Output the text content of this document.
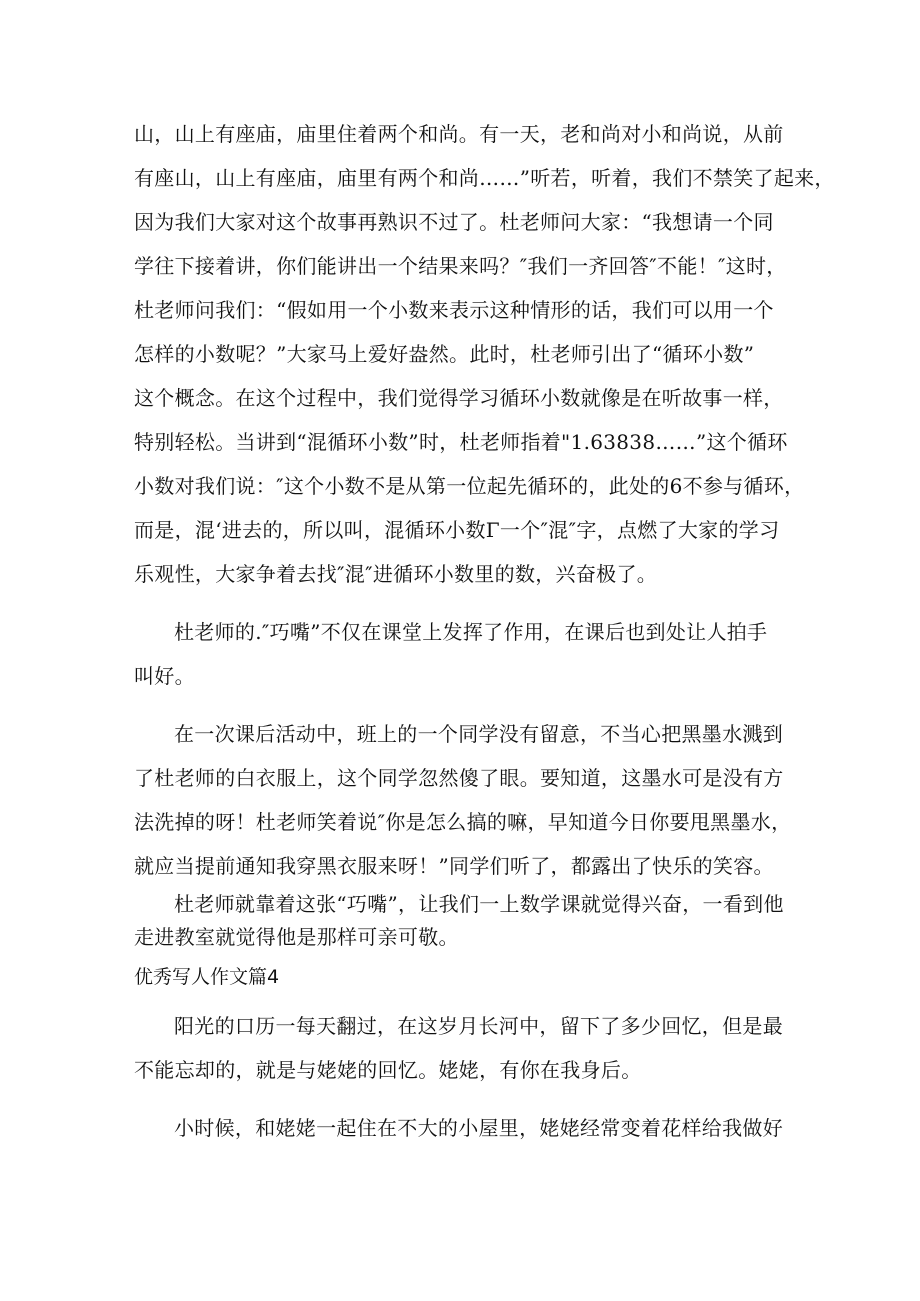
山，山上有座庙，庙里住着两个和尚。有一天，老和尚对小和尚说，从前
有座山，山上有座庙，庙里有两个和尚……”听若，听着，我们不禁笑了起来，
因为我们大家对这个故事再熟识不过了。杜老师问大家：“我想请一个同
学往下接着讲，你们能讲出一个结果来吗？″我们一齐回答″不能！″这时，
杜老师问我们：“假如用一个小数来表示这种情形的话，我们可以用一个
怎样的小数呢？”大家马上爱好盎然。此时，杜老师引出了“循环小数”
这个概念。在这个过程中，我们觉得学习循环小数就像是在听故事一样，
特别轻松。当讲到“混循环小数”时，杜老师指着"1.63838……”这个循环
小数对我们说：″这个小数不是从第一位起先循环的，此处的6不参与循环，
而是，混‘进去的，所以叫，混循环小数Γ一个″混″字，点燃了大家的学习
乐观性，大家争着去找″混″进循环小数里的数，兴奋极了。
杜老师的.″巧嘴”不仅在课堂上发挥了作用，在课后也到处让人拍手
叫好。
在一次课后活动中，班上的一个同学没有留意，不当心把黑墨水溅到
了杜老师的白衣服上，这个同学忽然傻了眼。要知道，这墨水可是没有方
法洗掉的呀！杜老师笑着说″你是怎么搞的嘛，早知道今日你要甩黑墨水，
就应当提前通知我穿黑衣服来呀！”同学们听了，都露出了快乐的笑容。
杜老师就靠着这张“巧嘴”，让我们一上数学课就觉得兴奋，一看到他
走进教室就觉得他是那样可亲可敬。
优秀写人作文篇4
阳光的口历一每天翻过，在这岁月长河中，留下了多少回忆，但是最
不能忘却的，就是与姥姥的回忆。姥姥，有你在我身后。
小时候，和姥姥一起住在不大的小屋里，姥姥经常变着花样给我做好
